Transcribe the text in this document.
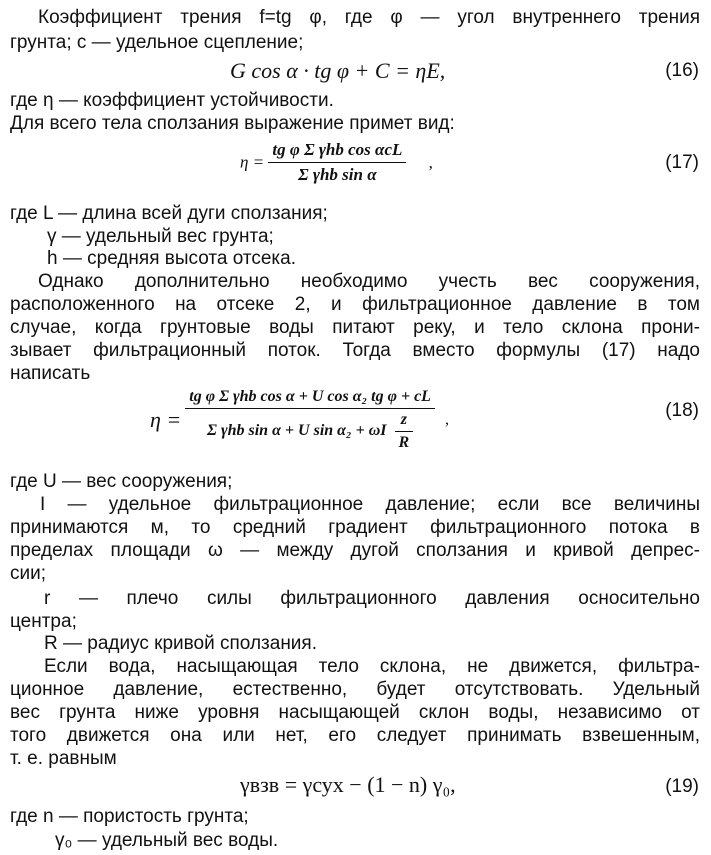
Коэффициент трения f=tg φ, где φ — угол внутреннего трения
грунта; c — удельное сцепление;
G cos α · tg φ + C = ηE,	(16)
где η — коэффициент устойчивости.
Для всего тела сползания выражение примет вид:
$\eta = \frac{\text{tg φ Σ γhb cos αcL}}{\text{Σ γhb sin α}}$ ,	(17)
где L — длина всей дуги сползания;
γ — удельный вес грунта;
h — средняя высота отсека.
Однако дополнительно необходимо учесть вес сооружения,
расположенного на отсеке 2, и фильтрационное давление в том
случае, когда грунтовые воды питают реку, и тело склона прони-
зывает фильтрационный поток. Тогда вместо формулы (17) надо
написать
$\eta = \frac{\text{tg φ Σ γhb cos α + U cos α₂ tg φ + cL}}{\Sigma \gamma hb \sin \alpha + U \sin \alpha_2 + \omega I \frac{z}{R}}$ ,	(18)
где U — вес сооружения;
I — удельное фильтрационное давление; если все величины
принимаются м, то средний градиент фильтрационного потока в
пределах площади ω — между дугой сползания и кривой депрес-
сии;
r — плечо силы фильтрационного давления осносительно
центра;
R — радиус кривой сползания.
Если вода, насыщающая тело склона, не движется, фильтра-
ционное давление, естественно, будет отсутствовать. Удельный
вес грунта ниже уровня насыщающей склон воды, независимо от
того движется она или нет, его следует принимать взвешенным,
т. е. равным
γвзв = γсух − (1 − n) γ₀,	(19)
где n — пористость грунта;
γ₀ — удельный вес воды.
